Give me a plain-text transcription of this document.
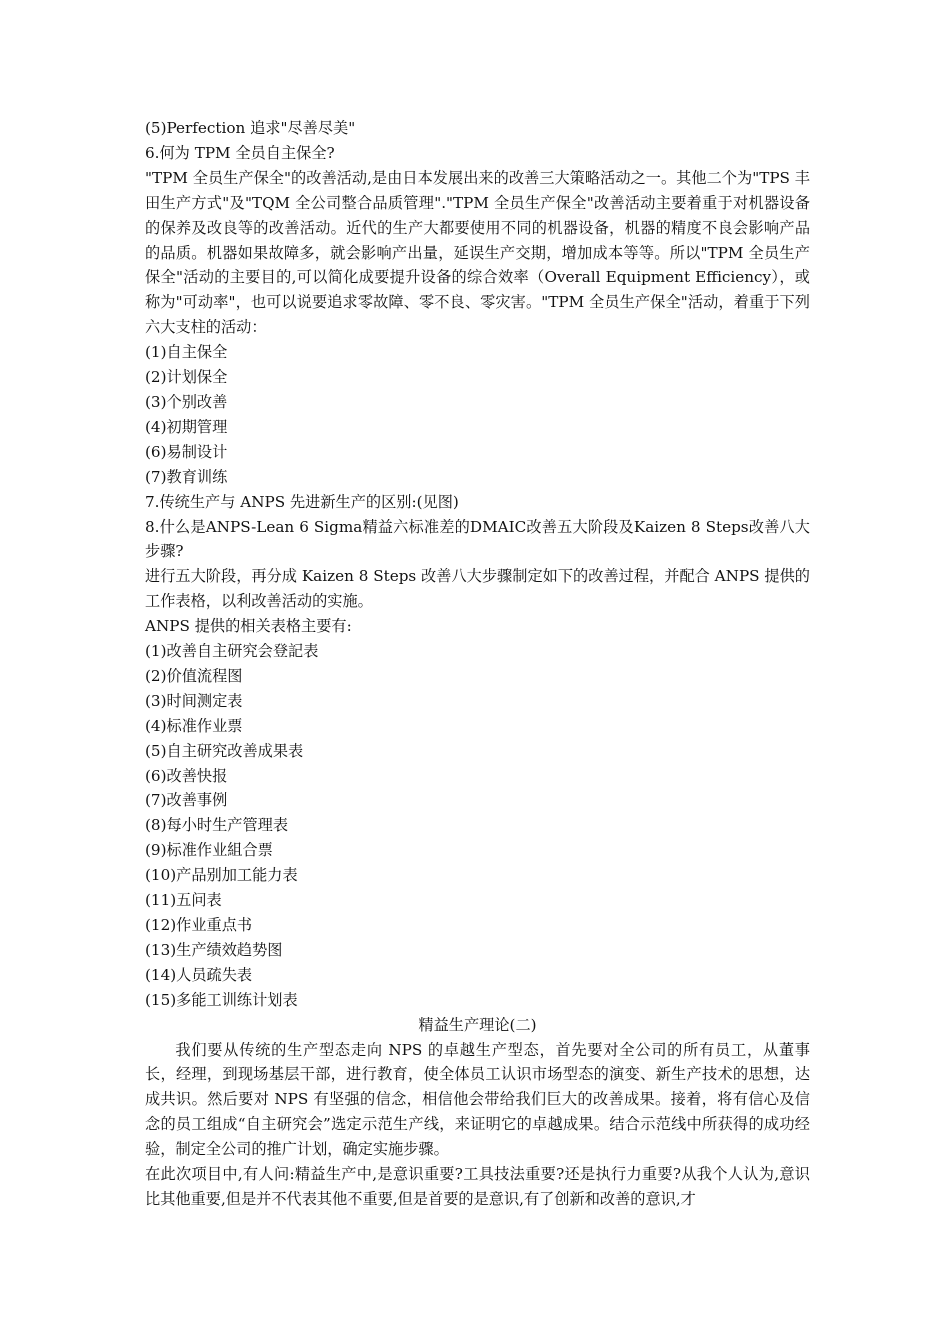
(5)Perfection 追求"尽善尽美"

6.何为 TPM 全员自主保全?

"TPM 全员生产保全"的改善活动,是由日本发展出来的改善三大策略活动之一。其他二个为"TPS 丰田生产方式"及"TQM 全公司整合品质管理"."TPM 全员生产保全"改善活动主要着重于对机器设备的保养及改良等的改善活动。近代的生产大都要使用不同的机器设备，机器的精度不良会影响产品的品质。机器如果故障多，就会影响产出量，延误生产交期，增加成本等等。所以"TPM 全员生产保全"活动的主要目的,可以简化成要提升设备的综合效率（Overall Equipment Efficiency），或称为"可动率"，也可以说要追求零故障、零不良、零灾害。"TPM 全员生产保全"活动，着重于下列六大支柱的活动：

(1)自主保全
(2)计划保全
(3)个别改善
(4)初期管理
(6)易制设计
(7)教育训练

7.传统生产与 ANPS 先进新生产的区别:(见图)

8.什么是ANPS-Lean 6 Sigma精益六标准差的DMAIC改善五大阶段及Kaizen 8 Steps改善八大步骤?

进行五大阶段，再分成 Kaizen 8 Steps 改善八大步骤制定如下的改善过程，并配合 ANPS 提供的工作表格，以利改善活动的实施。

ANPS 提供的相关表格主要有:

(1)改善自主研究会登記表
(2)价值流程图
(3)时间测定表
(4)标准作业票
(5)自主研究改善成果表
(6)改善快报
(7)改善事例
(8)每小时生产管理表
(9)标准作业組合票
(10)产品别加工能力表
(11)五问表
(12)作业重点书
(13)生产绩效趋势图
(14)人员疏失表
(15)多能工训练计划表

精益生产理论(二)

我们要从传统的生产型态走向 NPS 的卓越生产型态，首先要对全公司的所有员工，从董事长，经理，到现场基层干部，进行教育，使全体员工认识市场型态的演变、新生产技术的思想，达成共识。然后要对 NPS 有坚强的信念，相信他会带给我们巨大的改善成果。接着，将有信心及信念的员工组成“自主研究会”选定示范生产线，来证明它的卓越成果。结合示范线中所获得的成功经验，制定全公司的推广计划，确定实施步骤。

在此次项目中,有人问:精益生产中,是意识重要?工具技法重要?还是执行力重要?从我个人认为,意识比其他重要,但是并不代表其他不重要,但是首要的是意识,有了创新和改善的意识,才
